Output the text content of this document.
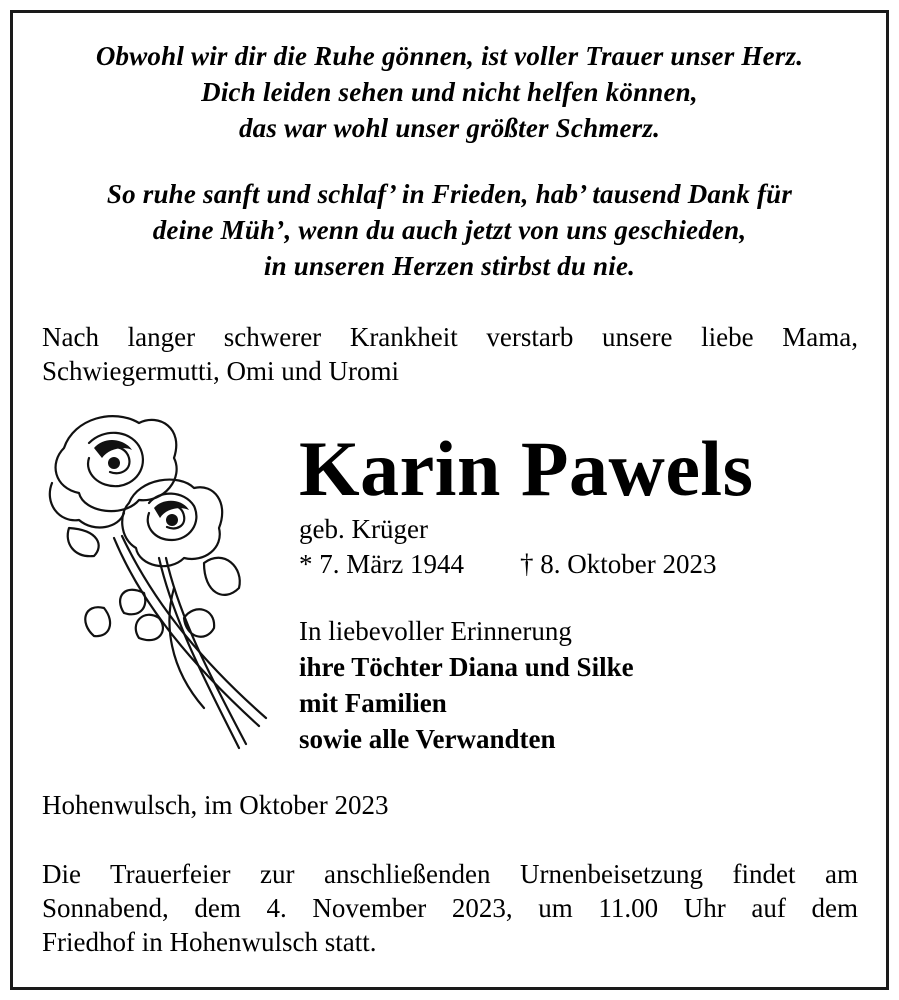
Obwohl wir dir die Ruhe gönnen, ist voller Trauer unser Herz.
Dich leiden sehen und nicht helfen können,
das war wohl unser größter Schmerz.
So ruhe sanft und schlaf’ in Frieden, hab’ tausend Dank für
deine Müh’, wenn du auch jetzt von uns geschieden,
in unseren Herzen stirbst du nie.
Nach langer schwerer Krankheit verstarb unsere liebe Mama,
Schwiegermutti, Omi und Uromi
Karin Pawels
geb. Krüger
* 7. März 1944 † 8. Oktober 2023
In liebevoller Erinnerung
ihre Töchter Diana und Silke
mit Familien
sowie alle Verwandten
Hohenwulsch, im Oktober 2023
Die Trauerfeier zur anschließenden Urnenbeisetzung findet am
Sonnabend, dem 4. November 2023, um 11.00 Uhr auf dem
Friedhof in Hohenwulsch statt.
